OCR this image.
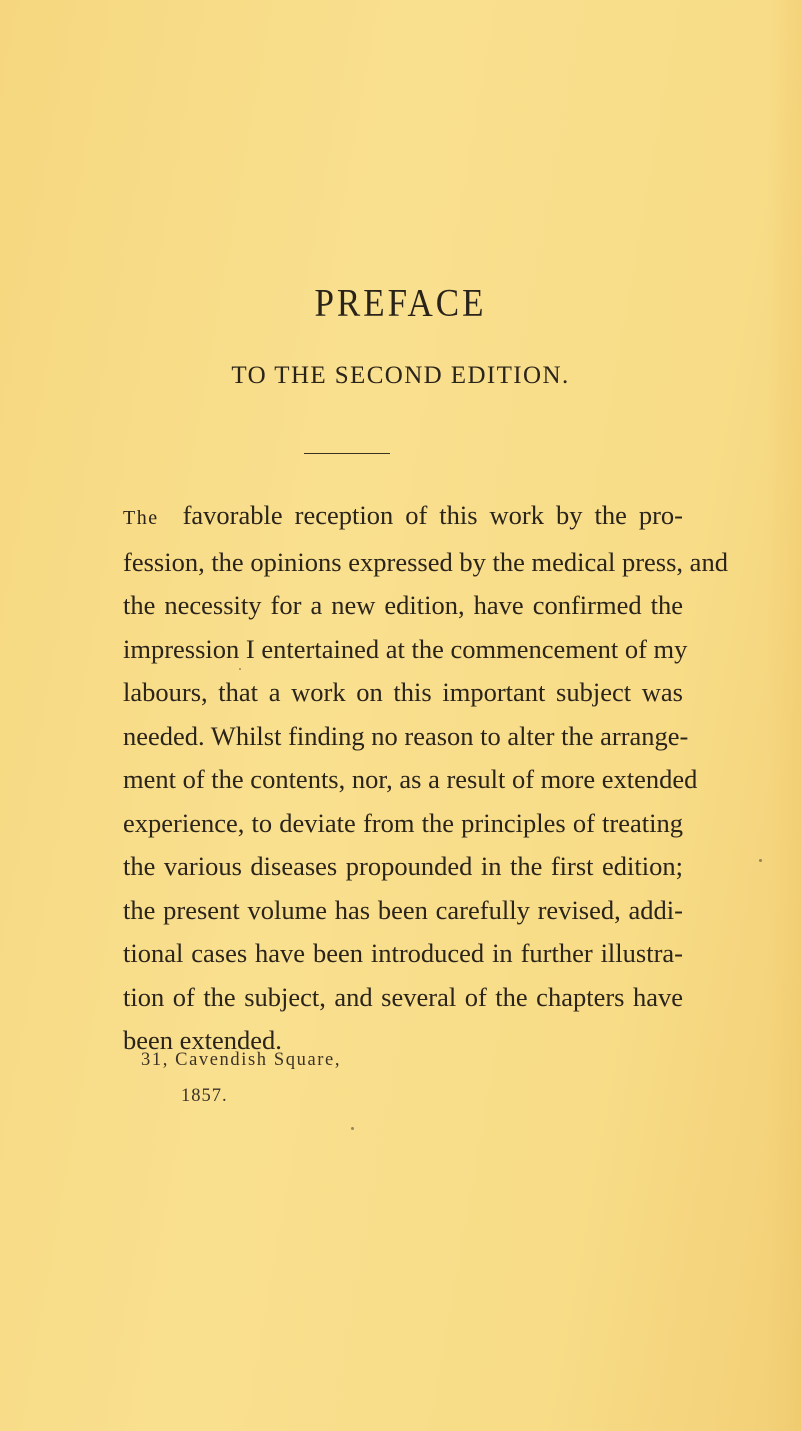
PREFACE
TO THE SECOND EDITION.
The favorable reception of this work by the pro-
fession, the opinions expressed by the medical press, and
the necessity for a new edition, have confirmed the
impression I entertained at the commencement of my
labours, that a work on this important subject was
needed. Whilst finding no reason to alter the arrange-
ment of the contents, nor, as a result of more extended
experience, to deviate from the principles of treating
the various diseases propounded in the first edition;
the present volume has been carefully revised, addi-
tional cases have been introduced in further illustra-
tion of the subject, and several of the chapters have
been extended.
31, Cavendish Square,
1857.
